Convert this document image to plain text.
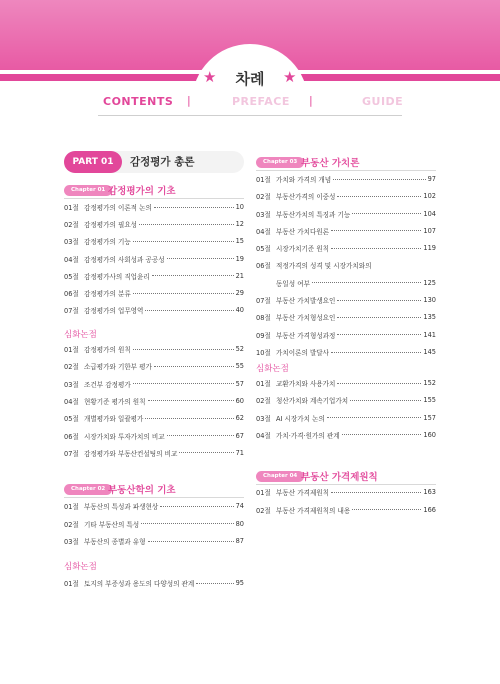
★	차례	★
CONTENTS |	PREFACE |	GUIDE
PART 01	감정평가 총론
Chapter 01 감정평가의 기초
01절 감정평가의 이론적 논의	10
02절 감정평가의 필요성	12
03절 감정평가의 기능	15
04절 감정평가의 사회성과 공공성	19
05절 감정평가사의 직업윤리	21
06절 감정평가의 분류	29
07절 감정평가의 업무영역	40
심화논점
01절 감정평가의 원칙	52
02절 소급평가와 기한부 평가	55
03절 조건부 감정평가	57
04절 현황기준 평가의 원칙	60
05절 개별평가와 일괄평가	62
06절 시장가치와 투자가치의 비교	67
07절 감정평가와 부동산컨설팅의 비교	71
Chapter 02 부동산학의 기초
01절 부동산의 특성과 파생현상	74
02절 기타 부동산의 특성	80
03절 부동산의 종별과 유형	87
심화논점
01절 토지의 부증성과 용도의 다양성의 관계	95
Chapter 03 부동산 가치론
01절 가치와 가격의 개념	97
02절 부동산가격의 이중성	102
03절 부동산가치의 특징과 기능	104
04절 부동산 가치다원론	107
05절 시장가치기준 원칙	119
06절 적정가격의 성격 및 시장가치와의
동일성 여부	125
07절 부동산 가치발생요인	130
08절 부동산 가치형성요인	135
09절 부동산 가격형성과정	141
10절 가치이론의 발달사	145
심화논점
01절 교환가치와 사용가치	152
02절 청산가치와 계속기업가치	155
03절 AI 시장가치 논의	157
04절 가치·가격·원가의 관계	160
Chapter 04 부동산 가격제원칙
01절 부동산 가격제원칙	163
02절 부동산 가격제원칙의 내용	166
